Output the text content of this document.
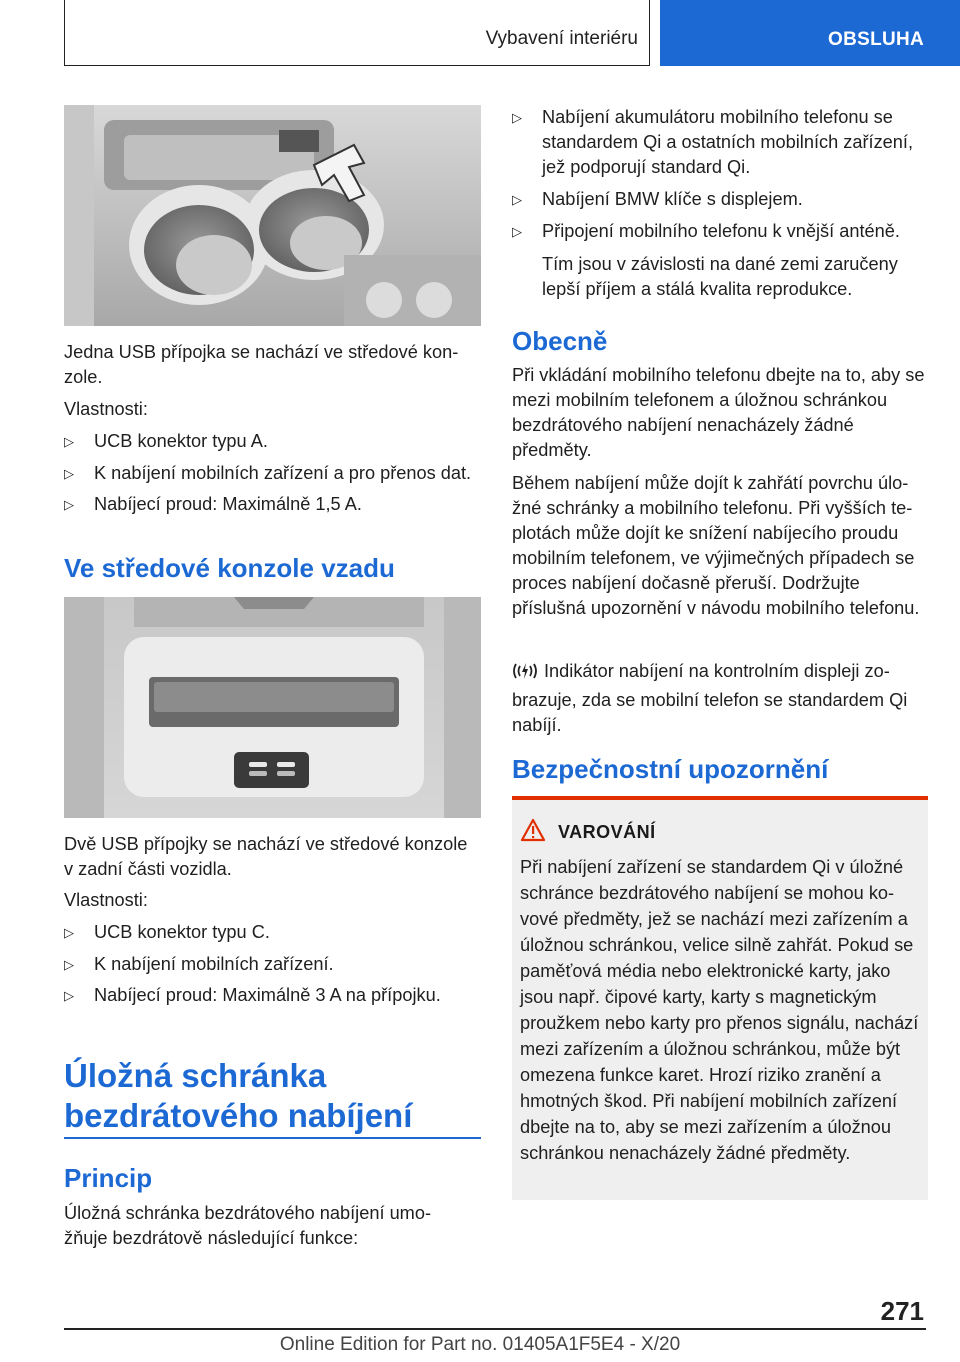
Vybavení interiéru	OBSLUHA
Jedna USB přípojka se nachází ve středové konzole.
Vlastnosti:
▷ UCB konektor typu A.
▷ K nabíjení mobilních zařízení a pro přenos dat.
▷ Nabíjecí proud: Maximálně 1,5 A.
Ve středové konzole vzadu
Dvě USB přípojky se nachází ve středové konzole v zadní části vozidla.
Vlastnosti:
▷ UCB konektor typu C.
▷ K nabíjení mobilních zařízení.
▷ Nabíjecí proud: Maximálně 3 A na přípojku.
Úložná schránka
bezdrátového nabíjení
Princip
Úložná schránka bezdrátového nabíjení umožňuje bezdrátově následující funkce:
▷ Nabíjení akumulátoru mobilního telefonu se standardem Qi a ostatních mobilních zařízení, jež podporují standard Qi.
▷ Nabíjení BMW klíče s displejem.
▷ Připojení mobilního telefonu k vnější anténě.
Tím jsou v závislosti na dané zemi zaručeny lepší příjem a stálá kvalita reprodukce.
Obecně
Při vkládání mobilního telefonu dbejte na to, aby se mezi mobilním telefonem a úložnou schránkou bezdrátového nabíjení nenacházely žádné předměty.
Během nabíjení může dojít k zahřátí povrchu úložné schránky a mobilního telefonu. Při vyšších teplotách může dojít ke snížení nabíjecího proudu mobilním telefonem, ve výjimečných případech se proces nabíjení dočasně přeruší. Dodržujte příslušná upozornění v návodu mobilního telefonu.
Indikátor nabíjení na kontrolním displeji zobrazuje, zda se mobilní telefon se standardem Qi nabíjí.
Bezpečnostní upozornění
VAROVÁNÍ
Při nabíjení zařízení se standardem Qi v úložné schránce bezdrátového nabíjení se mohou kovové předměty, jež se nachází mezi zařízením a úložnou schránkou, velice silně zahřát. Pokud se paměťová média nebo elektronické karty, jako jsou např. čipové karty, karty s magnetickým proužkem nebo karty pro přenos signálu, nachází mezi zařízením a úložnou schránkou, může být omezena funkce karet. Hrozí riziko zranění a hmotných škod. Při nabíjení mobilních zařízení dbejte na to, aby se mezi zařízením a úložnou schránkou nenacházely žádné předměty.
271
Online Edition for Part no. 01405A1F5E4 - X/20
